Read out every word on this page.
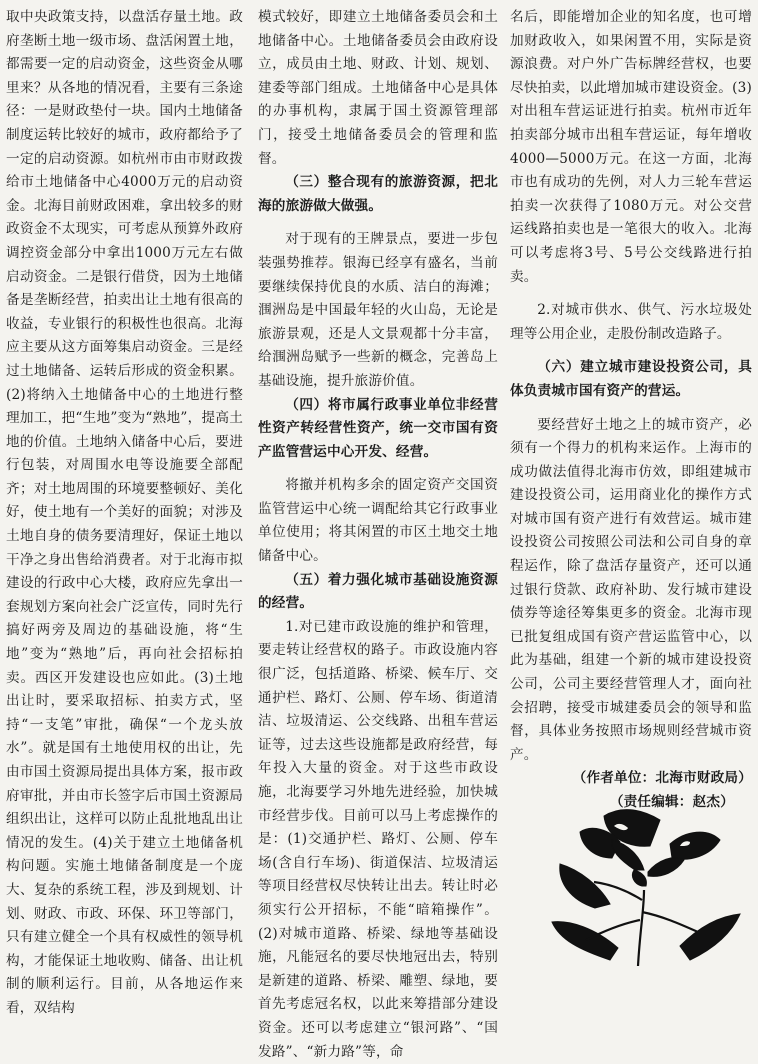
取中央政策支持，以盘活存量土地。政府垄断土地一级市场、盘活闲置土地，都需要一定的启动资金，这些资金从哪里来？从各地的情况看，主要有三条途径：一是财政垫付一块。国内土地储备制度运转比较好的城市，政府都给予了一定的启动资源。如杭州市由市财政拨给市土地储备中心4000万元的启动资金。北海目前财政困难，拿出较多的财政资金不太现实，可考虑从预算外政府调控资金部分中拿出1000万元左右做启动资金。二是银行借贷，因为土地储备是垄断经营，拍卖出让土地有很高的收益，专业银行的积极性也很高。北海应主要从这方面筹集启动资金。三是经过土地储备、运转后形成的资金积累。(2)将纳入土地储备中心的土地进行整理加工，把“生地”变为“熟地”，提高土地的价值。土地纳入储备中心后，要进行包装，对周围水电等设施要全部配齐；对土地周围的环境要整顿好、美化好，使土地有一个美好的面貌；对涉及土地自身的债务要清理好，保证土地以干净之身出售给消费者。对于北海市拟建设的行政中心大楼，政府应先拿出一套规划方案向社会广泛宣传，同时先行搞好两旁及周边的基础设施，将“生地”变为“熟地”后，再向社会招标拍卖。西区开发建设也应如此。(3)土地出让时，要采取招标、拍卖方式，坚持“一支笔”审批，确保“一个龙头放水”。就是国有土地使用权的出让，先由市国土资源局提出具体方案，报市政府审批，并由市长签字后市国土资源局组织出让，这样可以防止乱批地乱出让情况的发生。(4)关于建立土地储备机构问题。实施土地储备制度是一个庞大、复杂的系统工程，涉及到规划、计划、财政、市政、环保、环卫等部门，只有建立健全一个具有权威性的领导机构，才能保证土地收购、储备、出让机制的顺利运行。目前，从各地运作来看，双结构

模式较好，即建立土地储备委员会和土地储备中心。土地储备委员会由政府设立，成员由土地、财政、计划、规划、建委等部门组成。土地储备中心是具体的办事机构，隶属于国土资源管理部门，接受土地储备委员会的管理和监督。

（三）整合现有的旅游资源，把北海的旅游做大做强。

对于现有的王牌景点，要进一步包装强势推荐。银海已经享有盛名，当前要继续保持优良的水质、洁白的海滩；涠洲岛是中国最年轻的火山岛，无论是旅游景观，还是人文景观都十分丰富，给涠洲岛赋予一些新的概念，完善岛上基础设施，提升旅游价值。

（四）将市属行政事业单位非经营性资产转经营性资产，统一交市国有资产监管营运中心开发、经营。

将撤并机构多余的固定资产交国资监管营运中心统一调配给其它行政事业单位使用；将其闲置的市区土地交土地储备中心。

（五）着力强化城市基础设施资源的经营。

1.对已建市政设施的维护和管理，要走转让经营权的路子。市政设施内容很广泛，包括道路、桥梁、候车厅、交通护栏、路灯、公厕、停车场、街道清洁、垃圾清运、公交线路、出租车营运证等，过去这些设施都是政府经营，每年投入大量的资金。对于这些市政设施，北海要学习外地先进经验，加快城市经营步伐。目前可以马上考虑操作的是：(1)交通护栏、路灯、公厕、停车场(含自行车场)、街道保洁、垃圾清运等项目经营权尽快转让出去。转让时必须实行公开招标，不能“暗箱操作”。(2)对城市道路、桥梁、绿地等基础设施，凡能冠名的要尽快地冠出去，特别是新建的道路、桥梁、雕塑、绿地，要首先考虑冠名权，以此来筹措部分建设资金。还可以考虑建立“银河路”、“国发路”、“新力路”等，命

名后，即能增加企业的知名度，也可增加财政收入，如果闲置不用，实际是资源浪费。对户外广告标牌经营权，也要尽快拍卖，以此增加城市建设资金。(3)对出租车营运证进行拍卖。杭州市近年拍卖部分城市出租车营运证，每年增收4000—5000万元。在这一方面，北海市也有成功的先例，对人力三轮车营运拍卖一次获得了1080万元。对公交营运线路拍卖也是一笔很大的收入。北海可以考虑将3号、5号公交线路进行拍卖。

2.对城市供水、供气、污水垃圾处理等公用企业，走股份制改造路子。

（六）建立城市建设投资公司，具体负责城市国有资产的营运。

要经营好土地之上的城市资产，必须有一个得力的机构来运作。上海市的成功做法值得北海市仿效，即组建城市建设投资公司，运用商业化的操作方式对城市国有资产进行有效营运。城市建设投资公司按照公司法和公司自身的章程运作，除了盘活存量资产，还可以通过银行贷款、政府补助、发行城市建设债券等途径筹集更多的资金。北海市现已批复组成国有资产营运监管中心，以此为基础，组建一个新的城市建设投资公司，公司主要经营管理人才，面向社会招聘，接受市城建委员会的领导和监督，具体业务按照市场规则经营城市资产。

（作者单位：北海市财政局）

（责任编辑：赵杰）
